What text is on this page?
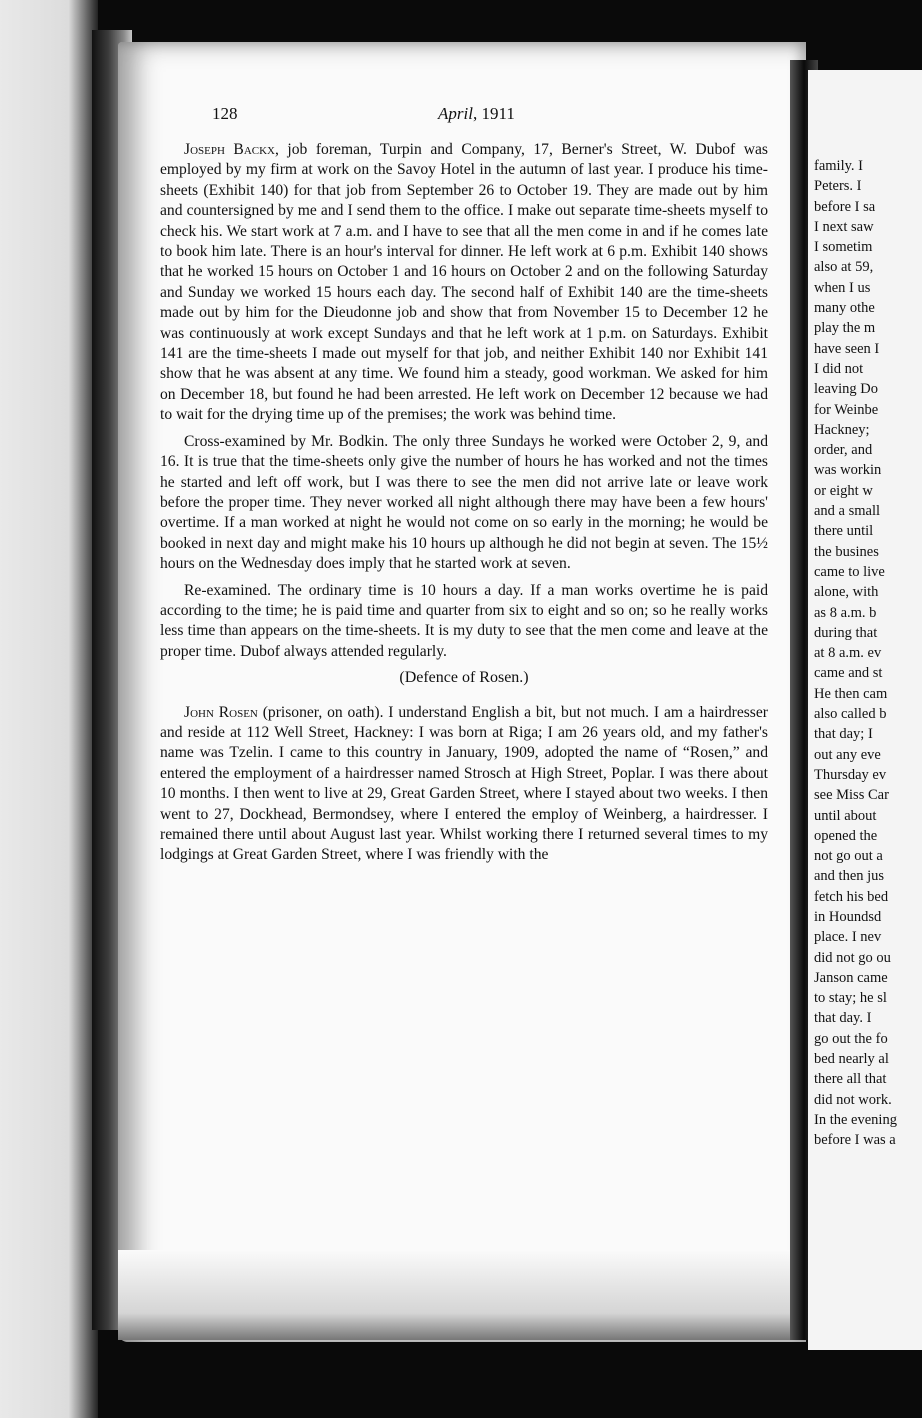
family. I
Peters. I
before I sa
I next saw
I sometim
also at 59,
when I us
many othe
play the m
have seen I
I did not
leaving Do
for Weinbe
Hackney;
order, and
was workin
or eight w
and a small
there until
the busines
came to live
alone, with
as 8 a.m. b
during that
at 8 a.m. ev
came and st
He then cam
also called b
that day; I
out any eve
Thursday ev
see Miss Car
until about
opened the
not go out a
and then jus
fetch his bed
in Houndsd
place. I nev
did not go ou
Janson came
to stay; he sl
that day. I
go out the fo
bed nearly al
there all that
did not work.
In the evening
before I was a
128	April, 1911

Joseph Backx, job foreman, Turpin and Company, 17, Berner's Street, W. Dubof was employed by my firm at work on the Savoy Hotel in the autumn of last year. I produce his time-sheets (Exhibit 140) for that job from September 26 to October 19. They are made out by him and countersigned by me and I send them to the office. I make out separate time-sheets myself to check his. We start work at 7 a.m. and I have to see that all the men come in and if he comes late to book him late. There is an hour's interval for dinner. He left work at 6 p.m. Exhibit 140 shows that he worked 15 hours on October 1 and 16 hours on October 2 and on the following Saturday and Sunday we worked 15 hours each day. The second half of Exhibit 140 are the time-sheets made out by him for the Dieudonne job and show that from November 15 to December 12 he was continuously at work except Sundays and that he left work at 1 p.m. on Saturdays. Exhibit 141 are the time-sheets I made out myself for that job, and neither Exhibit 140 nor Exhibit 141 show that he was absent at any time. We found him a steady, good workman. We asked for him on December 18, but found he had been arrested. He left work on December 12 because we had to wait for the drying time up of the premises; the work was behind time.

Cross-examined by Mr. Bodkin. The only three Sundays he worked were October 2, 9, and 16. It is true that the time-sheets only give the number of hours he has worked and not the times he started and left off work, but I was there to see the men did not arrive late or leave work before the proper time. They never worked all night although there may have been a few hours' overtime. If a man worked at night he would not come on so early in the morning; he would be booked in next day and might make his 10 hours up although he did not begin at seven. The 15½ hours on the Wednesday does imply that he started work at seven.

Re-examined. The ordinary time is 10 hours a day. If a man works overtime he is paid according to the time; he is paid time and quarter from six to eight and so on; so he really works less time than appears on the time-sheets. It is my duty to see that the men come and leave at the proper time. Dubof always attended regularly.

(Defence of Rosen.)

John Rosen (prisoner, on oath). I understand English a bit, but not much. I am a hairdresser and reside at 112 Well Street, Hackney: I was born at Riga; I am 26 years old, and my father's name was Tzelin. I came to this country in January, 1909, adopted the name of “Rosen,” and entered the employment of a hairdresser named Strosch at High Street, Poplar. I was there about 10 months. I then went to live at 29, Great Garden Street, where I stayed about two weeks. I then went to 27, Dockhead, Bermondsey, where I entered the employ of Weinberg, a hairdresser. I remained there until about August last year. Whilst working there I returned several times to my lodgings at Great Garden Street, where I was friendly with the
